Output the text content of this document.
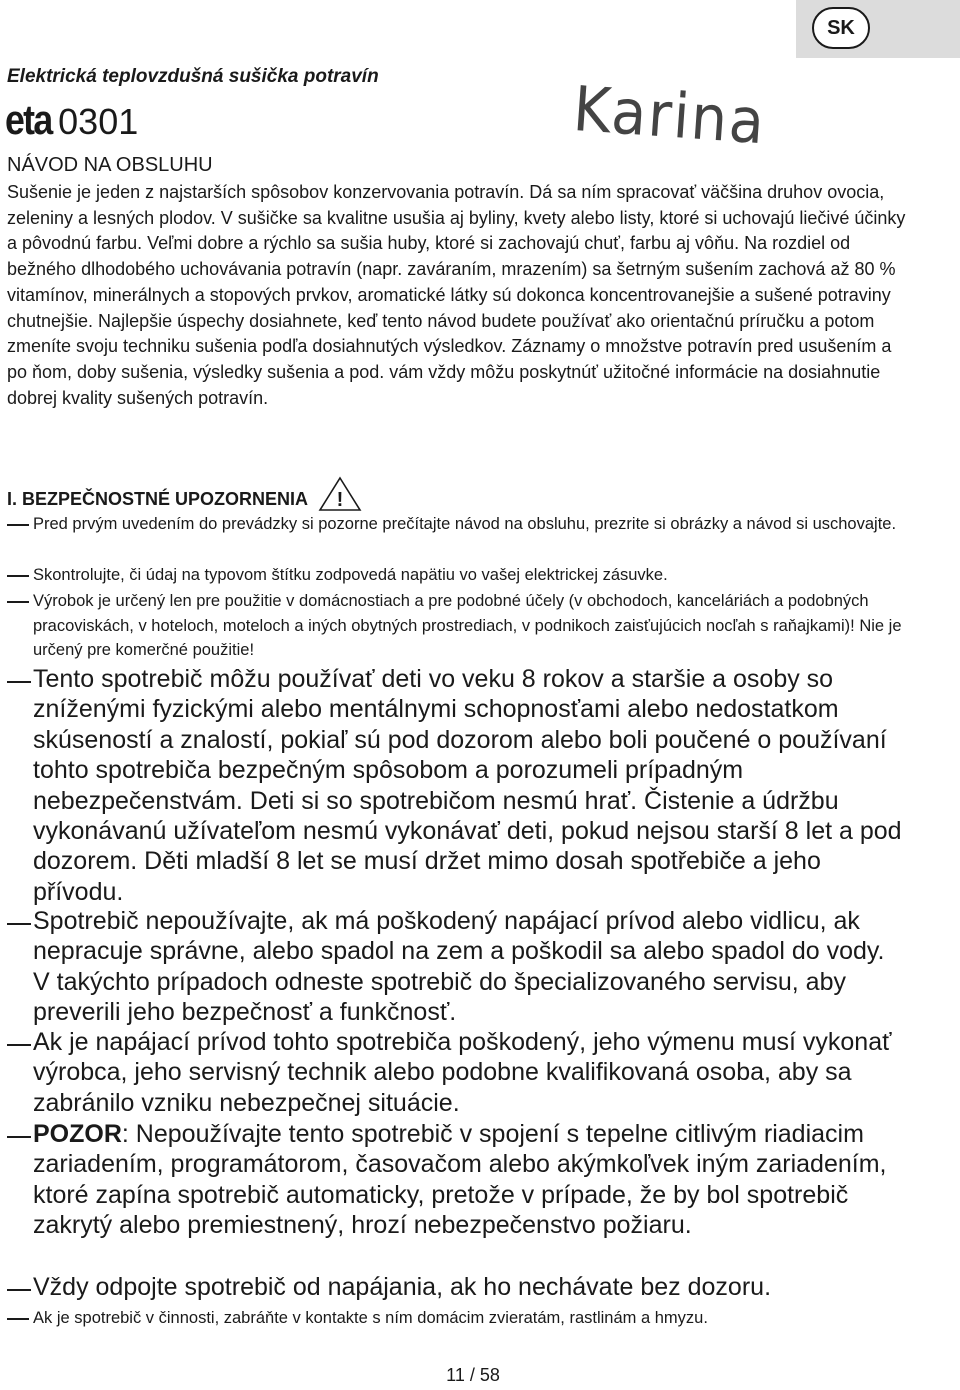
SK
Elektrická teplovzdušná sušička potravín
eta 0301	Karina
NÁVOD NA OBSLUHU
Sušenie je jeden z najstarších spôsobov konzervovania potravín. Dá sa ním spracovať väčšina druhov ovocia, zeleniny a lesných plodov. V sušičke sa kvalitne usušia aj byliny, kvety alebo listy, ktoré si uchovajú liečivé účinky a pôvodnú farbu. Veľmi dobre a rýchlo sa sušia huby, ktoré si zachovajú chuť, farbu aj vôňu. Na rozdiel od bežného dlhodobého uchovávania potravín (napr. zaváraním, mrazením) sa šetrným sušením zachová až 80 % vitamínov, minerálnych a stopových prvkov, aromatické látky sú dokonca koncentrovanejšie a sušené potraviny chutnejšie. Najlepšie úspechy dosiahnete, keď tento návod budete používať ako orientačnú príručku a potom zmeníte svoju techniku sušenia podľa dosiahnutých výsledkov. Záznamy o množstve potravín pred usušením a po ňom, doby sušenia, výsledky sušenia a pod. vám vždy môžu poskytnúť užitočné informácie na dosiahnutie dobrej kvality sušených potravín.
I. BEZPEČNOSTNÉ UPOZORNENIA !
Pred prvým uvedením do prevádzky si pozorne prečítajte návod na obsluhu, prezrite si obrázky a návod si uschovajte.
Skontrolujte, či údaj na typovom štítku zodpovedá napätiu vo vašej elektrickej zásuvke.
Výrobok je určený len pre použitie v domácnostiach a pre podobné účely (v obchodoch, kanceláriách a podobných pracoviskách, v hoteloch, moteloch a iných obytných prostrediach, v podnikoch zaisťujúcich nocľah s raňajkami)! Nie je určený pre komerčné použitie!
Tento spotrebič môžu používať deti vo veku 8 rokov a staršie a osoby so zníženými fyzickými alebo mentálnymi schopnosťami alebo nedostatkom skúseností a znalostí, pokiaľ sú pod dozorom alebo boli poučené o používaní tohto spotrebiča bezpečným spôsobom a porozumeli prípadným nebezpečenstvám. Deti si so spotrebičom nesmú hrať. Čistenie a údržbu vykonávanú užívateľom nesmú vykonávať deti, pokud nejsou starší 8 let a pod dozorem. Děti mladší 8 let se musí držet mimo dosah spotřebiče a jeho přívodu.
Spotrebič nepoužívajte, ak má poškodený napájací prívod alebo vidlicu, ak nepracuje správne, alebo spadol na zem a poškodil sa alebo spadol do vody. V takýchto prípadoch odneste spotrebič do špecializovaného servisu, aby preverili jeho bezpečnosť a funkčnosť.
Ak je napájací prívod tohto spotrebiča poškodený, jeho výmenu musí vykonať výrobca, jeho servisný technik alebo podobne kvalifikovaná osoba, aby sa zabránilo vzniku nebezpečnej situácie.
POZOR: Nepoužívajte tento spotrebič v spojení s tepelne citlivým riadiacim zariadením, programátorom, časovačom alebo akýmkoľvek iným zariadením, ktoré zapína spotrebič automaticky, pretože v prípade, že by bol spotrebič zakrytý alebo premiestnený, hrozí nebezpečenstvo požiaru.
Vždy odpojte spotrebič od napájania, ak ho nechávate bez dozoru.
Ak je spotrebič v činnosti, zabráňte v kontakte s ním domácim zvieratám, rastlinám a hmyzu.
11 / 58
